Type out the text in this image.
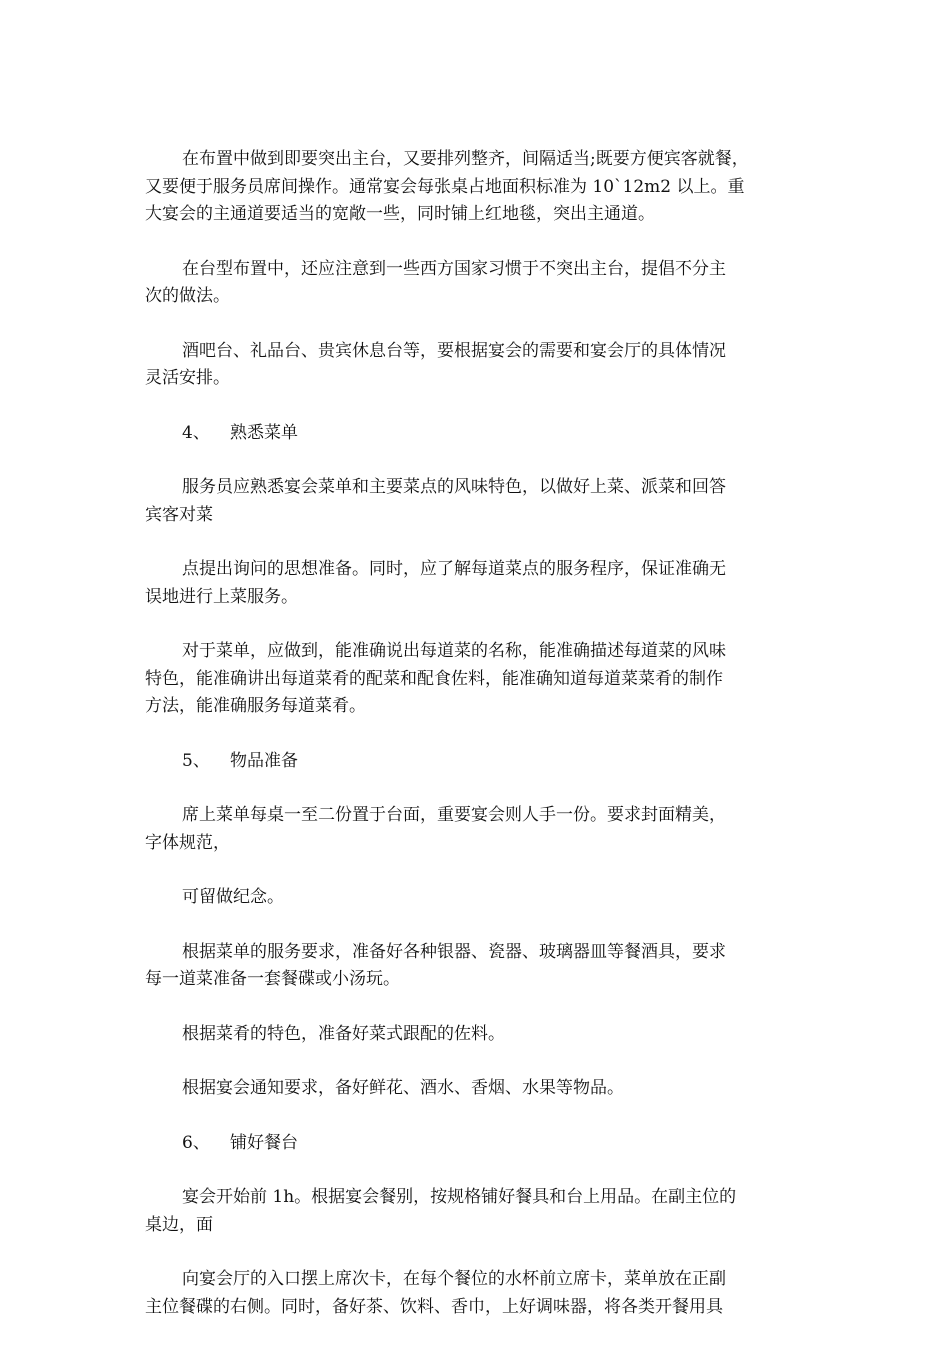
在布置中做到即要突出主台，又要排列整齐，间隔适当;既要方便宾客就餐，
又要便于服务员席间操作。通常宴会每张桌占地面积标准为 10`12m2 以上。重
大宴会的主通道要适当的宽敞一些，同时铺上红地毯，突出主通道。
在台型布置中，还应注意到一些西方国家习惯于不突出主台，提倡不分主
次的做法。
酒吧台、礼品台、贵宾休息台等，要根据宴会的需要和宴会厅的具体情况
灵活安排。
4、 熟悉菜单
服务员应熟悉宴会菜单和主要菜点的风味特色，以做好上菜、派菜和回答
宾客对菜
点提出询问的思想准备。同时，应了解每道菜点的服务程序，保证准确无
误地进行上菜服务。
对于菜单，应做到，能准确说出每道菜的名称，能准确描述每道菜的风味
特色，能准确讲出每道菜肴的配菜和配食佐料，能准确知道每道菜菜肴的制作
方法，能准确服务每道菜肴。
5、 物品准备
席上菜单每桌一至二份置于台面，重要宴会则人手一份。要求封面精美，
字体规范，
可留做纪念。
根据菜单的服务要求，准备好各种银器、瓷器、玻璃器皿等餐酒具，要求
每一道菜准备一套餐碟或小汤玩。
根据菜肴的特色，准备好菜式跟配的佐料。
根据宴会通知要求，备好鲜花、酒水、香烟、水果等物品。
6、 铺好餐台
宴会开始前 1h。根据宴会餐别，按规格铺好餐具和台上用品。在副主位的
桌边，面
向宴会厅的入口摆上席次卡，在每个餐位的水杯前立席卡，菜单放在正副
主位餐碟的右侧。同时，备好茶、饮料、香巾，上好调味器，将各类开餐用具
